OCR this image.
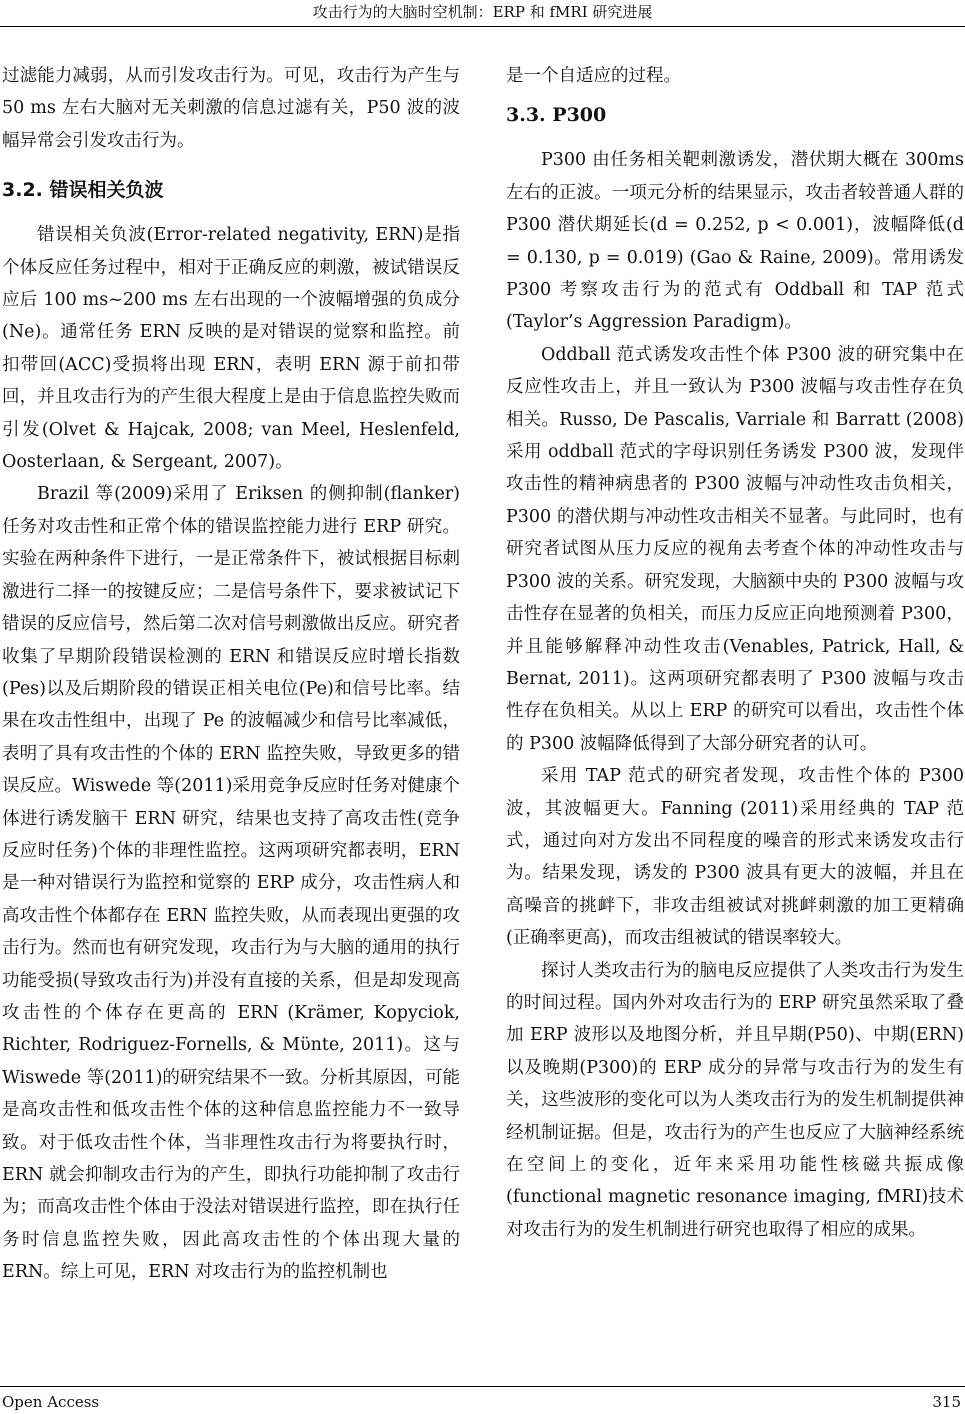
攻击行为的大脑时空机制：ERP 和 fMRI 研究进展

过滤能力减弱，从而引发攻击行为。可见，攻击行为产生与 50 ms 左右大脑对无关刺激的信息过滤有关，P50 波的波幅异常会引发攻击行为。

3.2. 错误相关负波

错误相关负波(Error-related negativity, ERN)是指个体反应任务过程中，相对于正确反应的刺激，被试错误反应后 100 ms~200 ms 左右出现的一个波幅增强的负成分(Ne)。通常任务 ERN 反映的是对错误的觉察和监控。前扣带回(ACC)受损将出现 ERN，表明 ERN 源于前扣带回，并且攻击行为的产生很大程度上是由于信息监控失败而引发(Olvet & Hajcak, 2008; van Meel, Heslenfeld, Oosterlaan, & Sergeant, 2007)。

Brazil 等(2009)采用了 Eriksen 的侧抑制(flanker)任务对攻击性和正常个体的错误监控能力进行 ERP 研究。实验在两种条件下进行，一是正常条件下，被试根据目标刺激进行二择一的按键反应；二是信号条件下，要求被试记下错误的反应信号，然后第二次对信号刺激做出反应。研究者收集了早期阶段错误检测的 ERN 和错误反应时增长指数(Pes)以及后期阶段的错误正相关电位(Pe)和信号比率。结果在攻击性组中，出现了 Pe 的波幅减少和信号比率减低，表明了具有攻击性的个体的 ERN 监控失败，导致更多的错误反应。Wiswede 等(2011)采用竞争反应时任务对健康个体进行诱发脑干 ERN 研究，结果也支持了高攻击性(竞争反应时任务)个体的非理性监控。这两项研究都表明，ERN 是一种对错误行为监控和觉察的 ERP 成分，攻击性病人和高攻击性个体都存在 ERN 监控失败，从而表现出更强的攻击行为。然而也有研究发现，攻击行为与大脑的通用的执行功能受损(导致攻击行为)并没有直接的关系，但是却发现高攻击性的个体存在更高的 ERN (Krämer, Kopyciok, Richter, Rodriguez-Fornells, & Mϋnte, 2011)。这与 Wiswede 等(2011)的研究结果不一致。分析其原因，可能是高攻击性和低攻击性个体的这种信息监控能力不一致导致。对于低攻击性个体，当非理性攻击行为将要执行时，ERN 就会抑制攻击行为的产生，即执行功能抑制了攻击行为；而高攻击性个体由于没法对错误进行监控，即在执行任务时信息监控失败，因此高攻击性的个体出现大量的 ERN。综上可见，ERN 对攻击行为的监控机制也

是一个自适应的过程。

3.3. P300

P300 由任务相关靶刺激诱发，潜伏期大概在 300ms 左右的正波。一项元分析的结果显示，攻击者较普通人群的 P300 潜伏期延长(d = 0.252, p < 0.001)，波幅降低(d = 0.130, p = 0.019) (Gao & Raine, 2009)。常用诱发 P300 考察攻击行为的范式有 Oddball 和 TAP 范式(Taylor’s Aggression Paradigm)。

Oddball 范式诱发攻击性个体 P300 波的研究集中在反应性攻击上，并且一致认为 P300 波幅与攻击性存在负相关。Russo, De Pascalis, Varriale 和 Barratt (2008)采用 oddball 范式的字母识别任务诱发 P300 波，发现伴攻击性的精神病患者的 P300 波幅与冲动性攻击负相关，P300 的潜伏期与冲动性攻击相关不显著。与此同时，也有研究者试图从压力反应的视角去考查个体的冲动性攻击与 P300 波的关系。研究发现，大脑额中央的 P300 波幅与攻击性存在显著的负相关，而压力反应正向地预测着 P300，并且能够解释冲动性攻击(Venables, Patrick, Hall, & Bernat, 2011)。这两项研究都表明了 P300 波幅与攻击性存在负相关。从以上 ERP 的研究可以看出，攻击性个体的 P300 波幅降低得到了大部分研究者的认可。

采用 TAP 范式的研究者发现，攻击性个体的 P300 波，其波幅更大。Fanning (2011)采用经典的 TAP 范式，通过向对方发出不同程度的噪音的形式来诱发攻击行为。结果发现，诱发的 P300 波具有更大的波幅，并且在高噪音的挑衅下，非攻击组被试对挑衅刺激的加工更精确(正确率更高)，而攻击组被试的错误率较大。

探讨人类攻击行为的脑电反应提供了人类攻击行为发生的时间过程。国内外对攻击行为的 ERP 研究虽然采取了叠加 ERP 波形以及地图分析，并且早期(P50)、中期(ERN)以及晚期(P300)的 ERP 成分的异常与攻击行为的发生有关，这些波形的变化可以为人类攻击行为的发生机制提供神经机制证据。但是，攻击行为的产生也反应了大脑神经系统在空间上的变化，近年来采用功能性核磁共振成像(functional magnetic resonance imaging, fMRI)技术对攻击行为的发生机制进行研究也取得了相应的成果。

Open Access	315
